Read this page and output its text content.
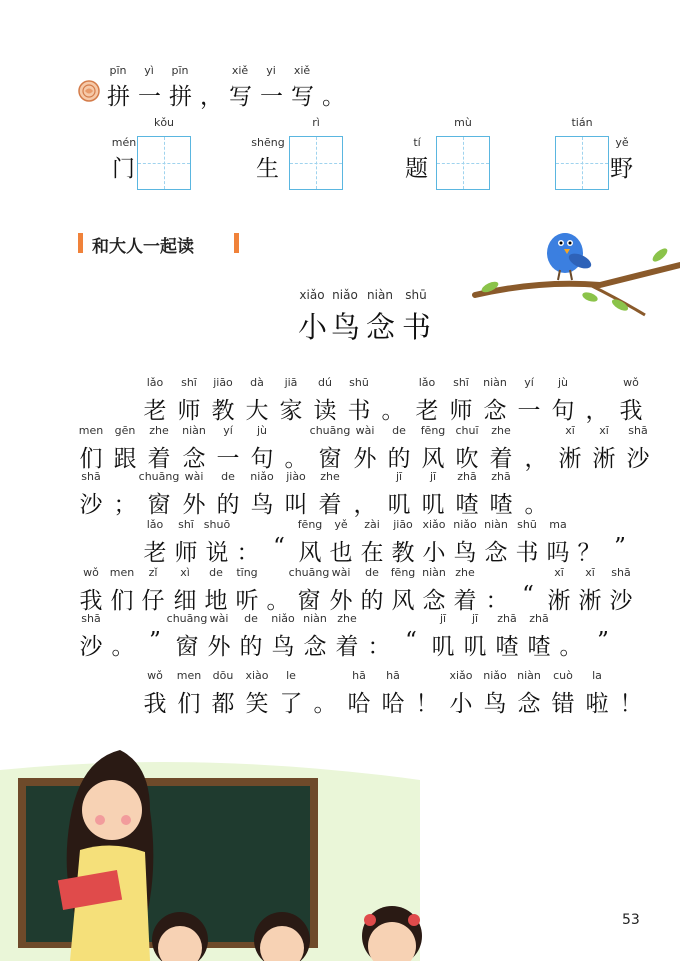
拼
pīn
一
yì
拼
pīn
， 写
xiě
一
yi
写
xiě
。
mén
门
kǒu
shēng
生
rì
tí
题
mù
yě
野
tián
和大人一起读
xiǎo
小
niǎo
鸟
niàn
念
shū
书
老
lǎo
师
shī
教
jiāo
大
dà
家
jiā
读
dú
书
shū
。 老
lǎo
师
shī
念
niàn
一
yí
句
jù
， 我
wǒ
们
men
跟
gēn
着
zhe
念
niàn
一
yí
句
jù
。 窗
chuāng
外
wài
的
de
风
fēng
吹
chuī
着
zhe
， 淅
xī
淅
xī
沙
shā
沙
shā
； 窗
chuāng
外
wài
的
de
鸟
niǎo
叫
jiào
着
zhe
， 叽
jī
叽
jī
喳
zhā
喳
zhā
。
老
lǎo
师
shī
说
shuō
： “ 风
fēng
也
yě
在
zài
教
jiāo
小
xiǎo
鸟
niǎo
念
niàn
书
shū
吗
ma
？ ”
我
wǒ
们
men
仔
zǐ
细
xì
地
de
听
tīng
。 窗
chuāng
外
wài
的
de
风
fēng
念
niàn
着
zhe
： “ 淅
xī
淅
xī
沙
shā
沙
shā
。 ” 窗
chuāng
外
wài
的
de
鸟
niǎo
念
niàn
着
zhe
： “ 叽
jī
叽
jī
喳
zhā
喳
zhā
。 ”
我
wǒ
们
men
都
dōu
笑
xiào
了
le
。 哈
hā
哈
hā
！ 小
xiǎo
鸟
niǎo
念
niàn
错
cuò
啦
la
！
53
